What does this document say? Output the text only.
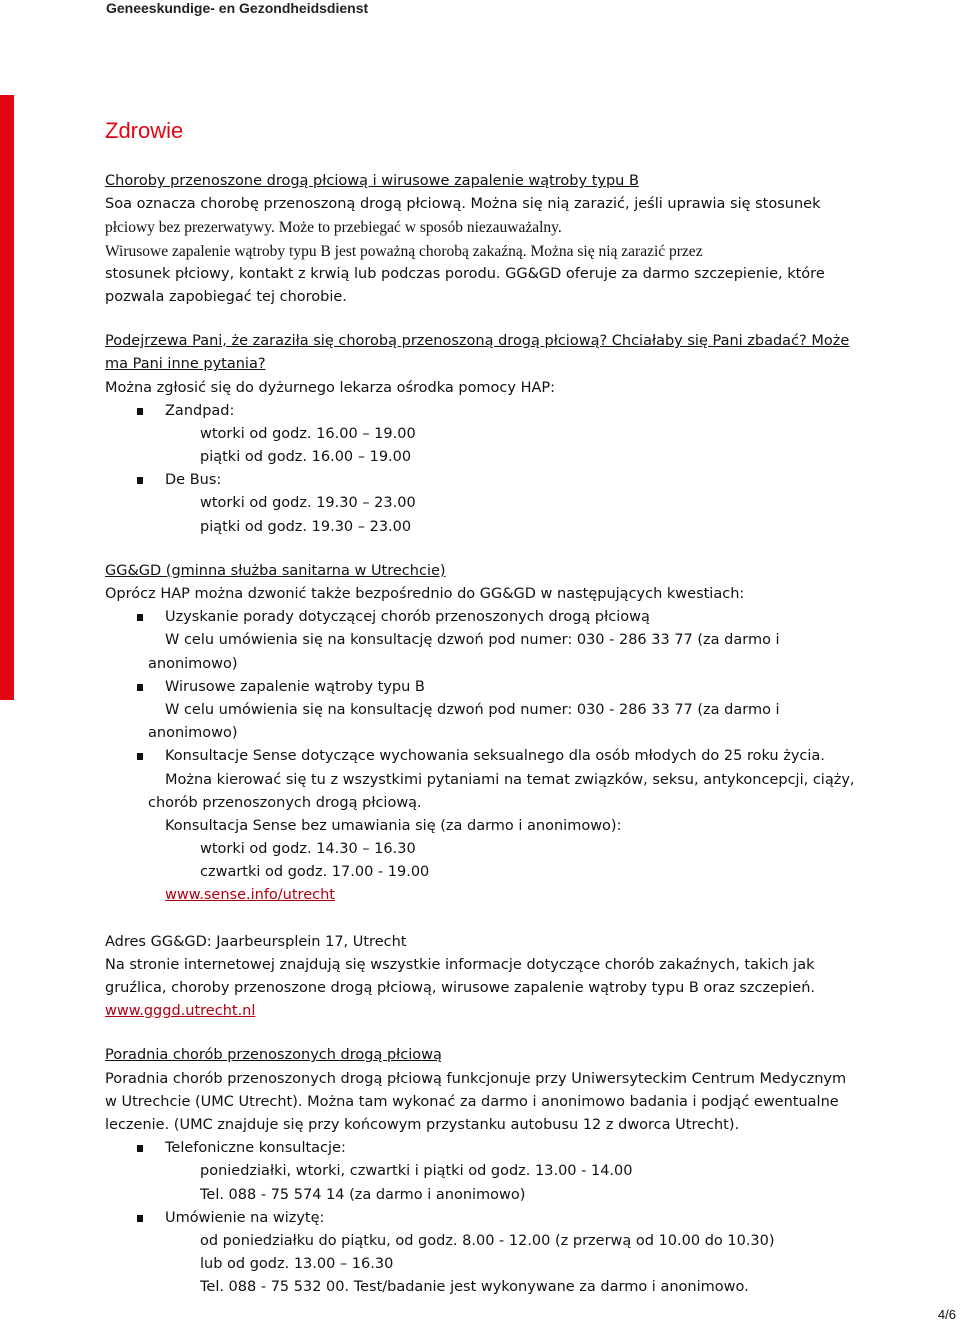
Geneeskundige- en Gezondheidsdienst
Zdrowie
Choroby przenoszone drogą płciową i wirusowe zapalenie wątroby typu B
Soa oznacza chorobę przenoszoną drogą płciową. Można się nią zarazić, jeśli uprawia się stosunek
płciowy bez prezerwatywy. Może to przebiegać w sposób niezauważalny.
Wirusowe zapalenie wątroby typu B jest poważną chorobą zakaźną. Można się nią zarazić przez
stosunek płciowy, kontakt z krwią lub podczas porodu. GG&GD oferuje za darmo szczepienie, które
pozwala zapobiegać tej chorobie.
Podejrzewa Pani, że zaraziła się chorobą przenoszoną drogą płciową? Chciałaby się Pani zbadać? Może
ma Pani inne pytania?
Można zgłosić się do dyżurnego lekarza ośrodka pomocy HAP:
Zandpad:
wtorki od godz. 16.00 – 19.00
piątki od godz. 16.00 – 19.00
De Bus:
wtorki od godz. 19.30 – 23.00
piątki od godz. 19.30 – 23.00
GG&GD (gminna służba sanitarna w Utrechcie)
Oprócz HAP można dzwonić także bezpośrednio do GG&GD w następujących kwestiach:
Uzyskanie porady dotyczącej chorób przenoszonych drogą płciową
W celu umówienia się na konsultację dzwoń pod numer: 030 - 286 33 77 (za darmo i
anonimowo)
Wirusowe zapalenie wątroby typu B
W celu umówienia się na konsultację dzwoń pod numer: 030 - 286 33 77 (za darmo i
anonimowo)
Konsultacje Sense dotyczące wychowania seksualnego dla osób młodych do 25 roku życia.
Można kierować się tu z wszystkimi pytaniami na temat związków, seksu, antykoncepcji, ciąży,
chorób przenoszonych drogą płciową.
Konsultacja Sense bez umawiania się (za darmo i anonimowo):
wtorki od godz. 14.30 – 16.30
czwartki od godz. 17.00 - 19.00
www.sense.info/utrecht
Adres GG&GD: Jaarbeursplein 17, Utrecht
Na stronie internetowej znajdują się wszystkie informacje dotyczące chorób zakaźnych, takich jak
gruźlica, choroby przenoszone drogą płciową, wirusowe zapalenie wątroby typu B oraz szczepień.
www.gggd.utrecht.nl
Poradnia chorób przenoszonych drogą płciową
Poradnia chorób przenoszonych drogą płciową funkcjonuje przy Uniwersyteckim Centrum Medycznym
w Utrechcie (UMC Utrecht). Można tam wykonać za darmo i anonimowo badania i podjąć ewentualne
leczenie. (UMC znajduje się przy końcowym przystanku autobusu 12 z dworca Utrecht).
Telefoniczne konsultacje:
poniedziałki, wtorki, czwartki i piątki od godz. 13.00 - 14.00
Tel. 088 - 75 574 14 (za darmo i anonimowo)
Umówienie na wizytę:
od poniedziałku do piątku, od godz. 8.00 - 12.00 (z przerwą od 10.00 do 10.30)
lub od godz. 13.00 – 16.30
Tel. 088 - 75 532 00. Test/badanie jest wykonywane za darmo i anonimowo.
4/6
